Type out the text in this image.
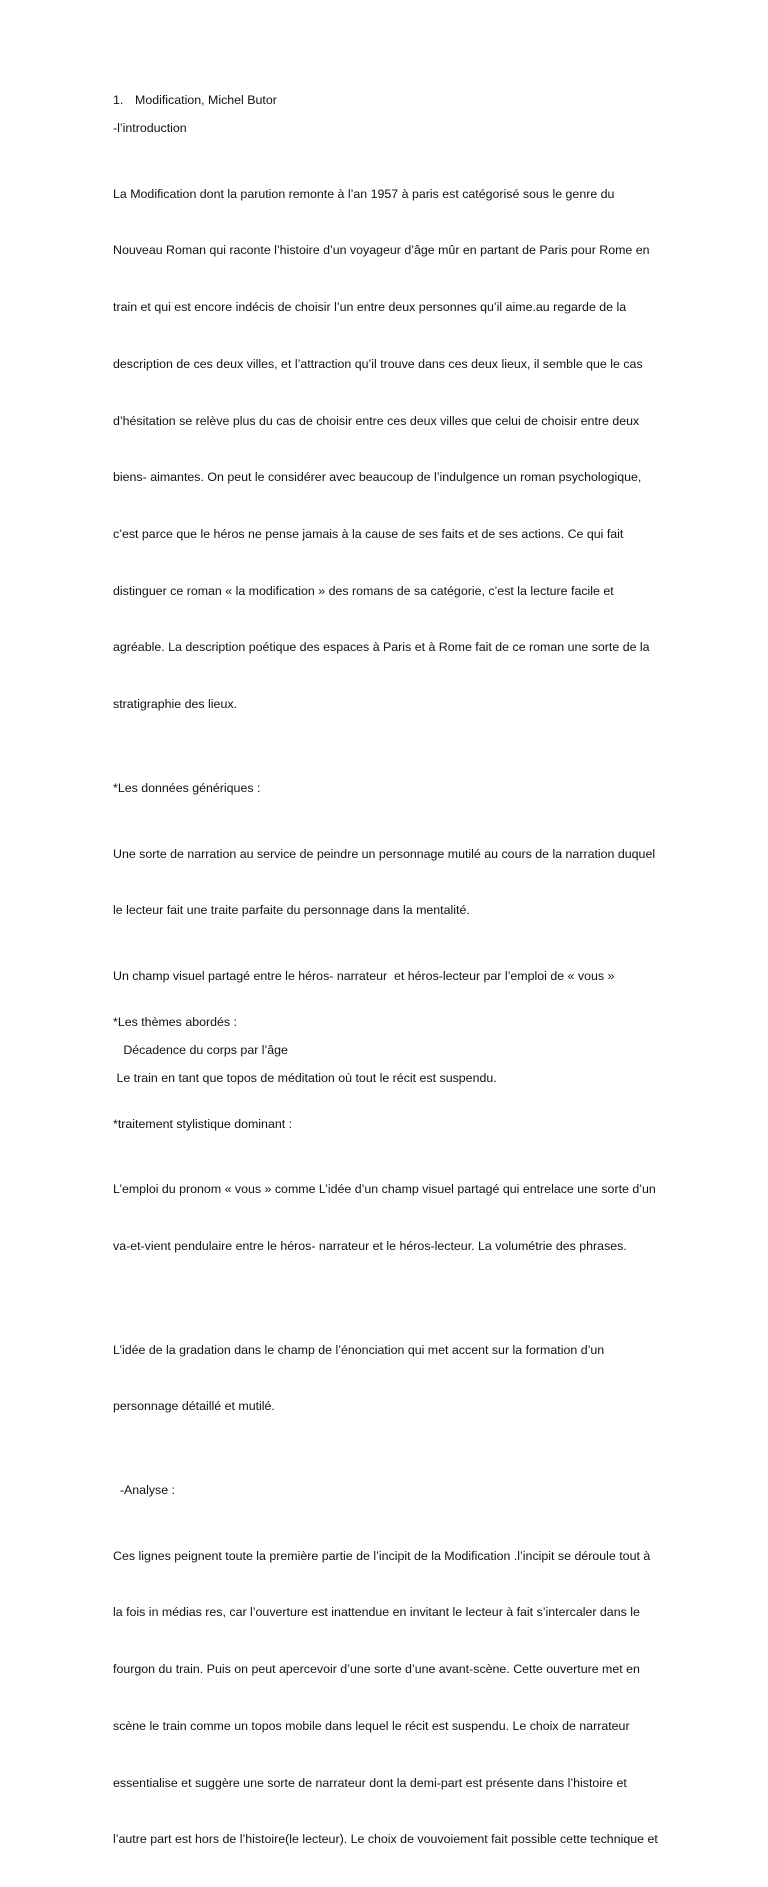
1. Modification, Michel Butor

-l’introduction

La Modification dont la parution remonte à l’an 1957 à paris est catégorisé sous le genre du

Nouveau Roman qui raconte l’histoire d’un voyageur d’âge mûr en partant de Paris pour Rome en

train et qui est encore indécis de choisir l’un entre deux personnes qu’il aime.au regarde de la

description de ces deux villes, et l’attraction qu’il trouve dans ces deux lieux, il semble que le cas

d’hésitation se relève plus du cas de choisir entre ces deux villes que celui de choisir entre deux

biens- aimantes. On peut le considérer avec beaucoup de l’indulgence un roman psychologique,

c’est parce que le héros ne pense jamais à la cause de ses faits et de ses actions. Ce qui fait

distinguer ce roman « la modification » des romans de sa catégorie, c’est la lecture facile et

agréable. La description poétique des espaces à Paris et à Rome fait de ce roman une sorte de la

stratigraphie des lieux.

*Les données génériques :

Une sorte de narration au service de peindre un personnage mutilé au cours de la narration duquel

le lecteur fait une traite parfaite du personnage dans la mentalité.

Un champ visuel partagé entre le héros- narrateur  et héros-lecteur par l’emploi de « vous »

*Les thèmes abordés :

Décadence du corps par l’âge

Le train en tant que topos de méditation où tout le récit est suspendu.

*traitement stylistique dominant :

L’emploi du pronom « vous » comme L’idée d’un champ visuel partagé qui entrelace une sorte d’un

va-et-vient pendulaire entre le héros- narrateur et le héros-lecteur. La volumétrie des phrases.

L’idée de la gradation dans le champ de l’énonciation qui met accent sur la formation d’un

personnage détaillé et mutilé.

-Analyse :

Ces lignes peignent toute la première partie de l’incipit de la Modification .l’incipit se déroule tout à

la fois in médias res, car l’ouverture est inattendue en invitant le lecteur à fait s’intercaler dans le

fourgon du train. Puis on peut apercevoir d’une sorte d’une avant-scène. Cette ouverture met en

scène le train comme un topos mobile dans lequel le récit est suspendu. Le choix de narrateur

essentialise et suggère une sorte de narrateur dont la demi-part est présente dans l’histoire et

l’autre part est hors de l’histoire(le lecteur). Le choix de vouvoiement fait possible cette technique et
